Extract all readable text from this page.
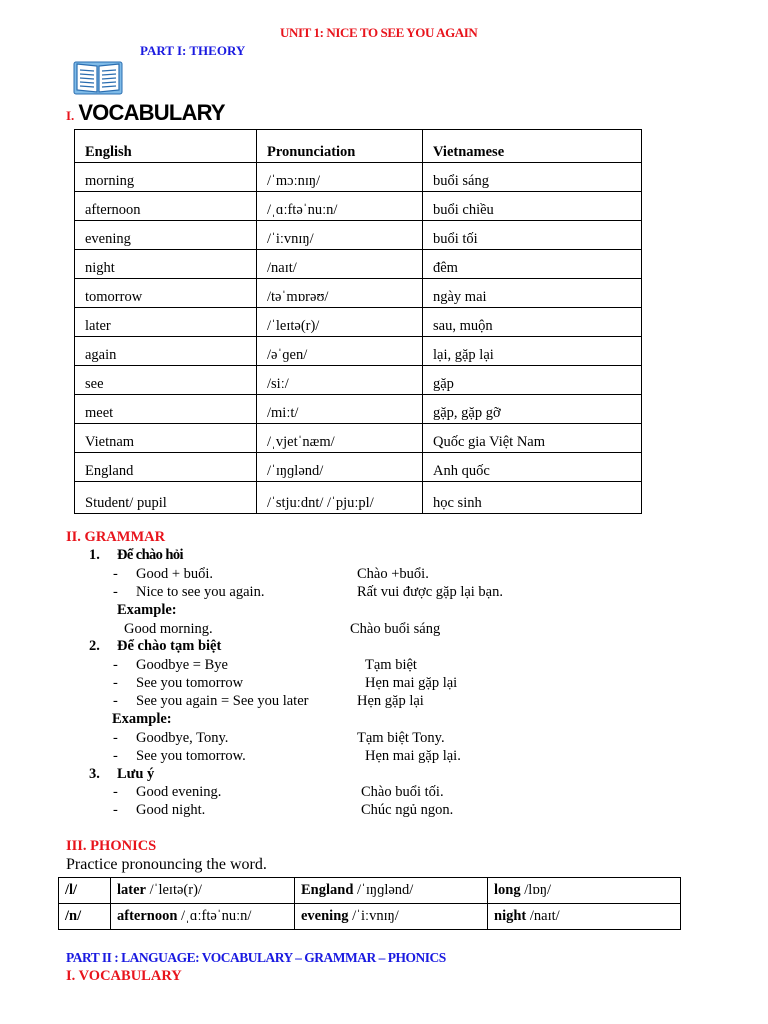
UNIT 1: NICE TO SEE YOU AGAIN
PART I: THEORY
I. VOCABULARY
English	Pronunciation	Vietnamese
morning	/ˈmɔːnɪŋ/	buổi sáng
afternoon	/ˌɑːftəˈnuːn/	buổi chiều
evening	/ˈiːvnɪŋ/	buổi tối
night	/naɪt/	đêm
tomorrow	/təˈmɒrəʊ/	ngày mai
later	/ˈleɪtə(r)/	sau, muộn
again	/əˈɡen/	lại, gặp lại
see	/siː/	gặp
meet	/miːt/	gặp, gặp gỡ
Vietnam	/ˌvjetˈnæm/	Quốc gia Việt Nam
England	/ˈɪŋɡlənd/	Anh quốc
Student/ pupil	/ˈstjuːdnt/ /ˈpjuːpl/	học sinh
II. GRAMMAR
1. Để chào hỏi
- Good + buổi.	Chào +buổi.
- Nice to see you again.	Rất vui được gặp lại bạn.
Example:
Good morning.	Chào buổi sáng
2. Để chào tạm biệt
- Goodbye = Bye	Tạm biệt
- See you tomorrow	Hẹn mai gặp lại
- See you again = See you later	Hẹn gặp lại
Example:
- Goodbye, Tony.	Tạm biệt Tony.
- See you tomorrow.	Hẹn mai gặp lại.
3. Lưu ý
- Good evening.	Chào buổi tối.
- Good night.	Chúc ngủ ngon.
III. PHONICS
Practice pronouncing the word.
/l/	later /ˈleɪtə(r)/	England /ˈɪŋɡlənd/	long /lɒŋ/
/n/	afternoon /ˌɑːftəˈnuːn/	evening /ˈiːvnɪŋ/	night /naɪt/
PART II : LANGUAGE: VOCABULARY – GRAMMAR – PHONICS
I. VOCABULARY
